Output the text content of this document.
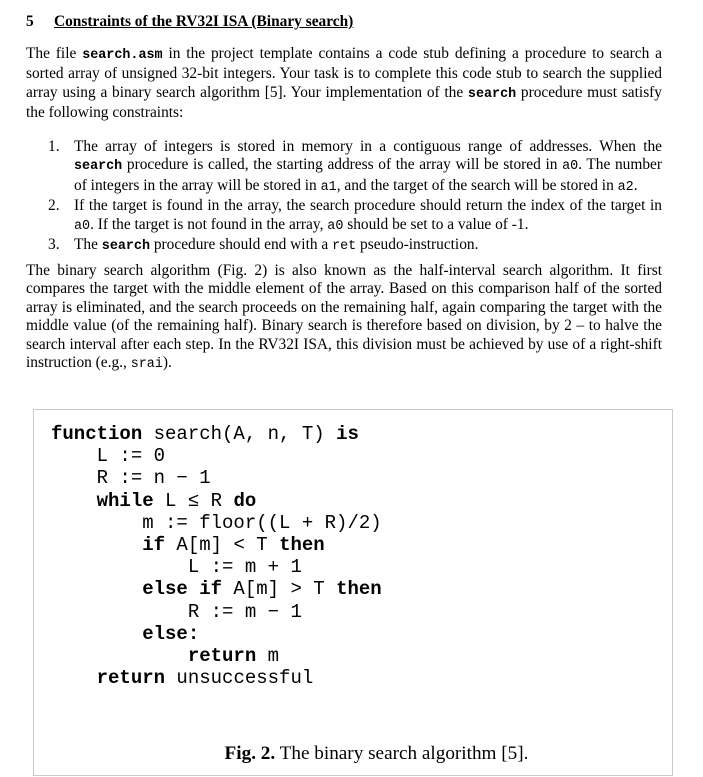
5 Constraints of the RV32I ISA (Binary search)
The file search.asm in the project template contains a code stub defining a procedure to search a sorted array of unsigned 32-bit integers. Your task is to complete this code stub to search the supplied array using a binary search algorithm [5]. Your implementation of the search procedure must satisfy the following constraints:
1. The array of integers is stored in memory in a contiguous range of addresses. When the search procedure is called, the starting address of the array will be stored in a0. The number of integers in the array will be stored in a1, and the target of the search will be stored in a2.
2. If the target is found in the array, the search procedure should return the index of the target in a0. If the target is not found in the array, a0 should be set to a value of -1.
3. The search procedure should end with a ret pseudo-instruction.
The binary search algorithm (Fig. 2) is also known as the half-interval search algorithm. It first compares the target with the middle element of the array. Based on this comparison half of the sorted array is eliminated, and the search proceeds on the remaining half, again comparing the target with the middle value (of the remaining half). Binary search is therefore based on division, by 2 – to halve the search interval after each step. In the RV32I ISA, this division must be achieved by use of a right-shift instruction (e.g., srai).
function search(A, n, T) is
L := 0
R := n − 1
while L ≤ R do
m := floor((L + R)/2)
if A[m] < T then
L := m + 1
else if A[m] > T then
R := m − 1
else:
return m
return unsuccessful
Fig. 2. The binary search algorithm [5].
